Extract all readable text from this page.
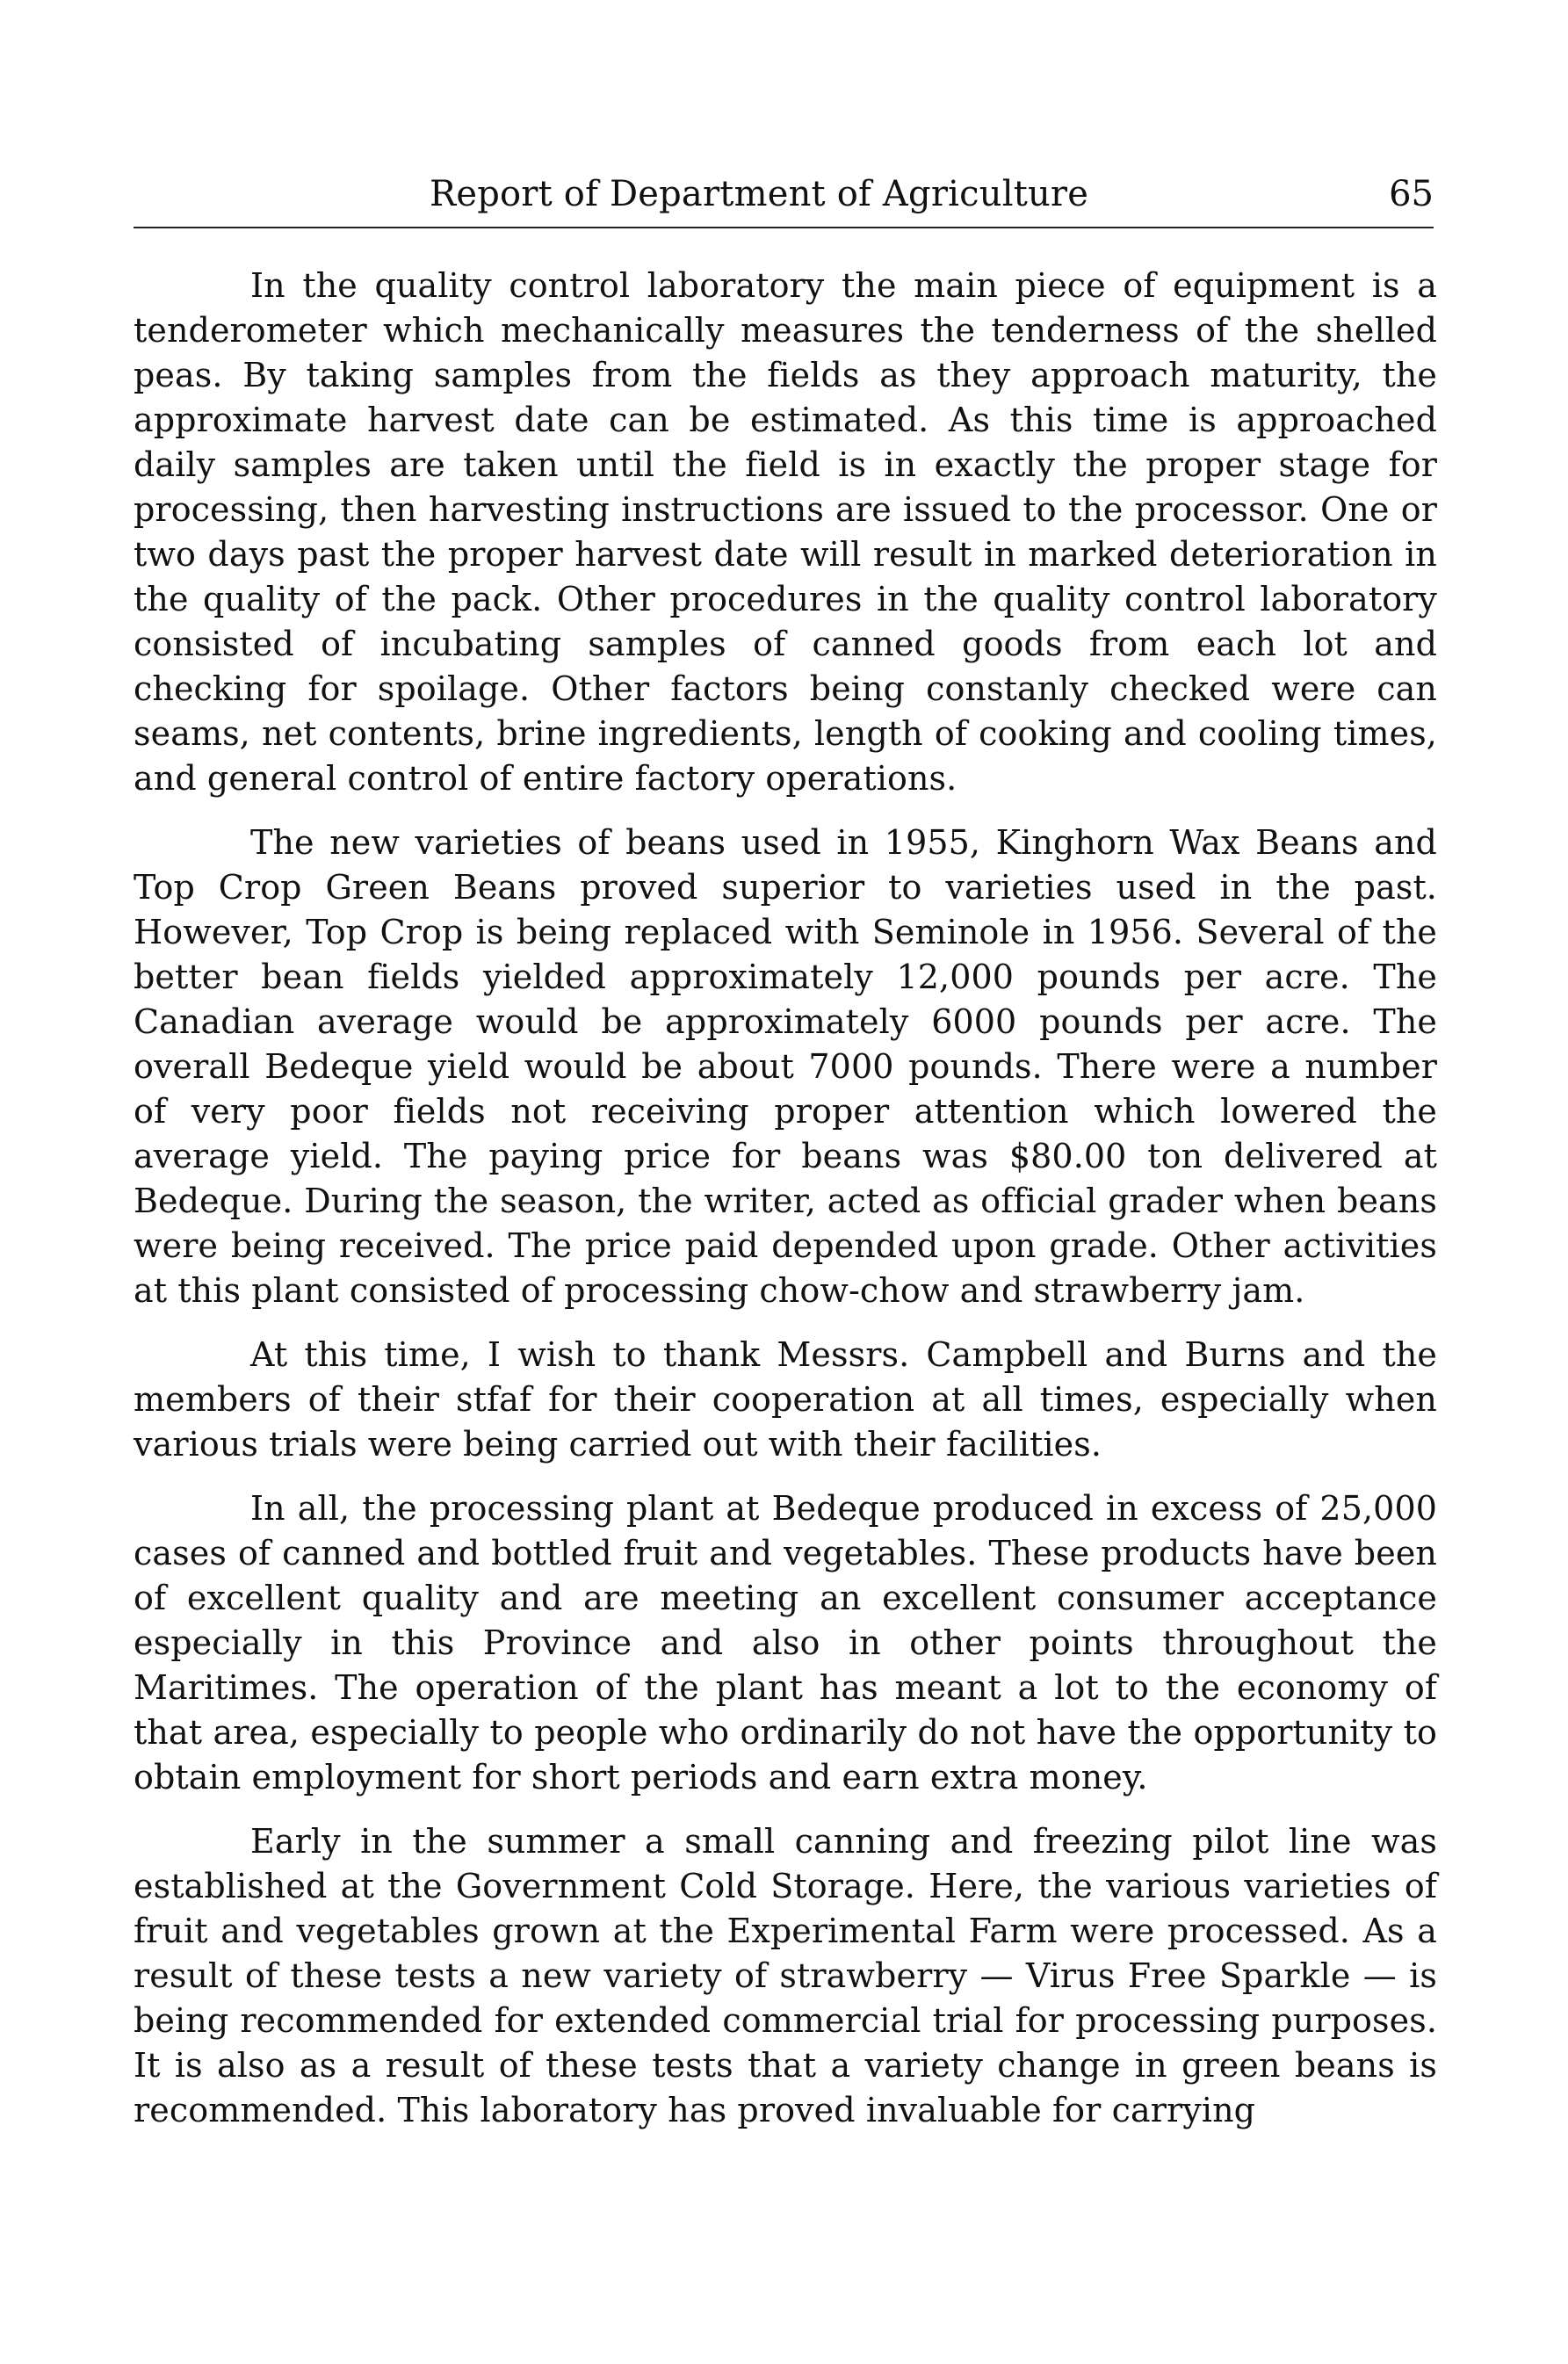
Report of Department of Agriculture	65

In the quality control laboratory the main piece of equipment is a tenderometer which mechanically measures the tenderness of the shelled peas. By taking samples from the fields as they approach maturity, the approximate harvest date can be estimated. As this time is approached daily samples are taken until the field is in exactly the proper stage for processing, then harvesting instructions are issued to the processor. One or two days past the proper harvest date will result in marked deterioration in the quality of the pack. Other procedures in the quality control laboratory consisted of incubating samples of canned goods from each lot and checking for spoilage. Other factors being constanly checked were can seams, net contents, brine ingredients, length of cooking and cooling times, and general control of entire factory operations.

The new varieties of beans used in 1955, Kinghorn Wax Beans and Top Crop Green Beans proved superior to varieties used in the past. However, Top Crop is being replaced with Seminole in 1956. Several of the better bean fields yielded approximately 12,000 pounds per acre. The Canadian average would be approximately 6000 pounds per acre. The overall Bedeque yield would be about 7000 pounds. There were a number of very poor fields not receiving proper attention which lowered the average yield. The paying price for beans was $80.00 ton delivered at Bedeque. During the season, the writer, acted as official grader when beans were being received. The price paid depended upon grade. Other activities at this plant consisted of processing chow-chow and strawberry jam.

At this time, I wish to thank Messrs. Campbell and Burns and the members of their stfaf for their cooperation at all times, especially when various trials were being carried out with their facilities.

In all, the processing plant at Bedeque produced in excess of 25,000 cases of canned and bottled fruit and vegetables. These products have been of excellent quality and are meeting an excellent consumer acceptance especially in this Province and also in other points throughout the Maritimes. The operation of the plant has meant a lot to the economy of that area, especially to people who ordinarily do not have the opportunity to obtain employment for short periods and earn extra money.

Early in the summer a small canning and freezing pilot line was established at the Government Cold Storage. Here, the various varieties of fruit and vegetables grown at the Experimental Farm were processed. As a result of these tests a new variety of strawberry — Virus Free Sparkle — is being recommended for extended commercial trial for processing purposes. It is also as a result of these tests that a variety change in green beans is recommended. This laboratory has proved invaluable for carrying
